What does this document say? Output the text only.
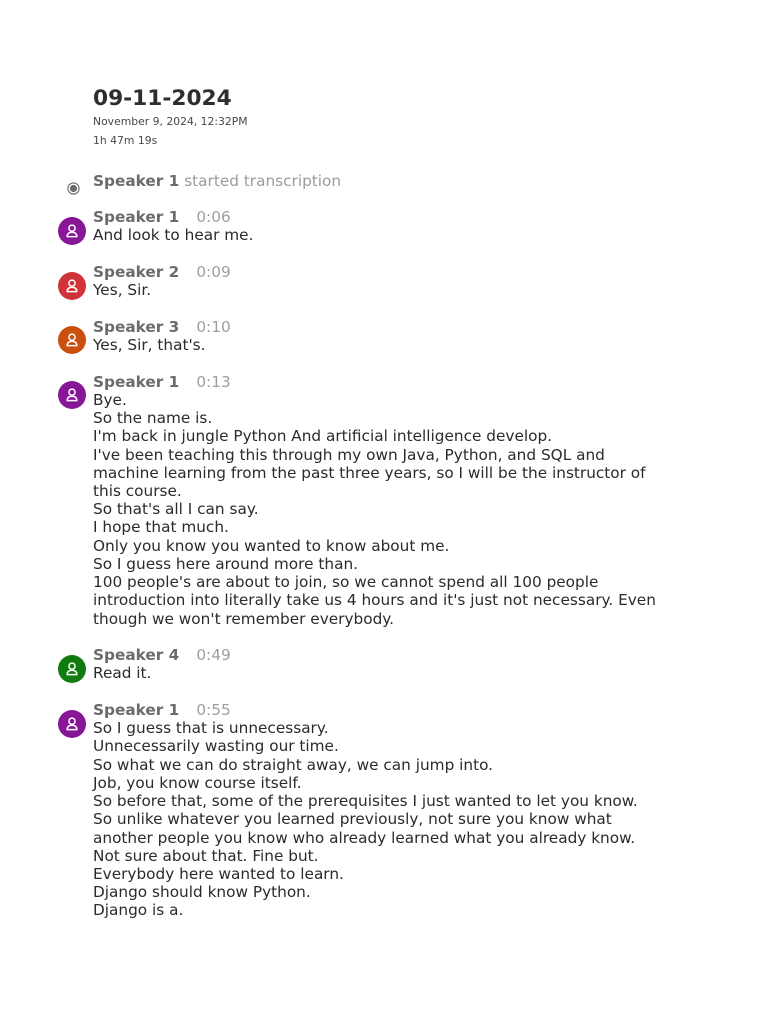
09-11-2024
November 9, 2024, 12:32PM
1h 47m 19s
Speaker 1 started transcription
Speaker 1 0:06
And look to hear me.
Speaker 2 0:09
Yes, Sir.
Speaker 3 0:10
Yes, Sir, that's.
Speaker 1 0:13
Bye.
So the name is.
I'm back in jungle Python And artificial intelligence develop.
I've been teaching this through my own Java, Python, and SQL and machine learning from the past three years, so I will be the instructor of this course.
So that's all I can say.
I hope that much.
Only you know you wanted to know about me.
So I guess here around more than.
100 people's are about to join, so we cannot spend all 100 people introduction into literally take us 4 hours and it's just not necessary. Even though we won't remember everybody.
Speaker 4 0:49
Read it.
Speaker 1 0:55
So I guess that is unnecessary.
Unnecessarily wasting our time.
So what we can do straight away, we can jump into.
Job, you know course itself.
So before that, some of the prerequisites I just wanted to let you know.
So unlike whatever you learned previously, not sure you know what another people you know who already learned what you already know.
Not sure about that. Fine but.
Everybody here wanted to learn.
Django should know Python.
Django is a.
